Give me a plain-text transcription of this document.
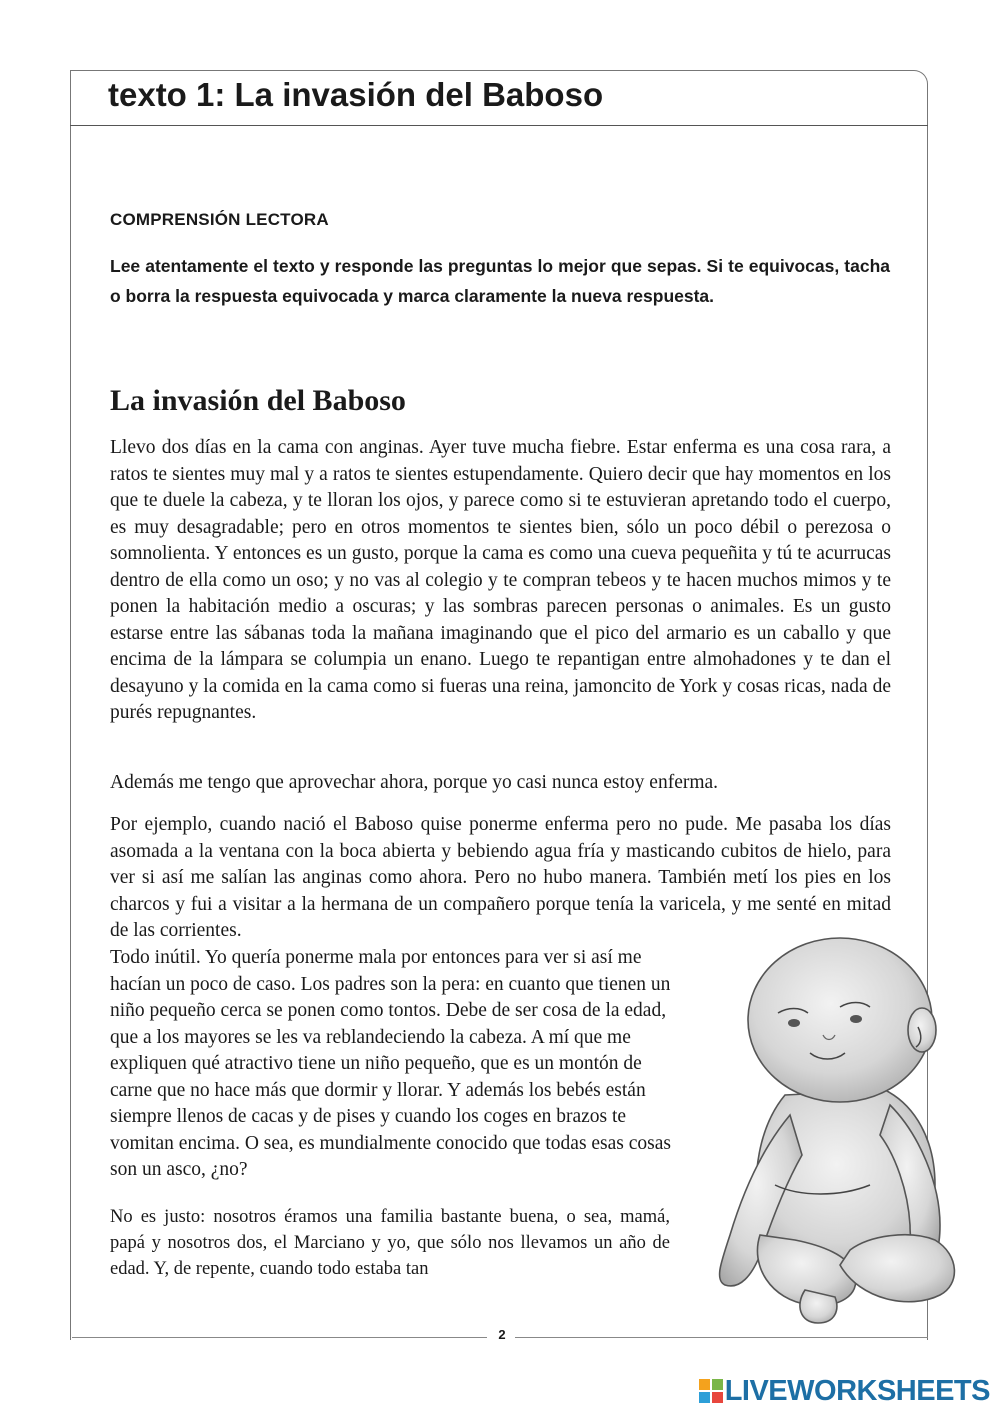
texto 1: La invasión del Baboso
COMPRENSIÓN LECTORA

Lee atentamente el texto y responde las preguntas lo mejor que sepas. Si te equivocas, tacha o borra la respuesta equivocada y marca claramente la nueva respuesta.

La invasión del Baboso

Llevo dos días en la cama con anginas. Ayer tuve mucha fiebre. Estar enferma es una cosa rara, a ratos te sientes muy mal y a ratos te sientes estupendamente. Quiero decir que hay momentos en los que te duele la cabeza, y te lloran los ojos, y parece como si te estuvieran apretando todo el cuerpo, es muy desagradable; pero en otros momentos te sientes bien, sólo un poco débil o perezosa o somnolienta. Y entonces es un gusto, porque la cama es como una cueva pequeñita y tú te acurrucas dentro de ella como un oso; y no vas al colegio y te compran tebeos y te hacen muchos mimos y te ponen la habitación medio a oscuras; y las sombras parecen personas o animales. Es un gusto estarse entre las sábanas toda la mañana imaginando que el pico del armario es un caballo y que encima de la lámpara se columpia un enano. Luego te repantigan entre almohadones y te dan el desayuno y la comida en la cama como si fueras una reina, jamoncito de York y cosas ricas, nada de purés repugnantes.

Además me tengo que aprovechar ahora, porque yo casi nunca estoy enferma.

Por ejemplo, cuando nació el Baboso quise ponerme enferma pero no pude. Me pasaba los días asomada a la ventana con la boca abierta y bebiendo agua fría y masticando cubitos de hielo, para ver si así me salían las anginas como ahora. Pero no hubo manera. También metí los pies en los charcos y fui a visitar a la hermana de un compañero porque tenía la varicela, y me senté en mitad de las corrientes.

Todo inútil. Yo quería ponerme mala por entonces para ver si así me
hacían un poco de caso. Los padres son la pera: en cuanto que tienen un
niño pequeño cerca se ponen como tontos. Debe de ser cosa de la edad,
que a los mayores se les va reblandeciendo la cabeza. A mí que me
expliquen qué atractivo tiene un niño pequeño, que es un montón de
carne que no hace más que dormir y llorar. Y además los bebés están
siempre llenos de cacas y de pises y cuando los coges en brazos te
vomitan encima. O sea, es mundialmente conocido que todas esas cosas
son un asco, ¿no?

No es justo: nosotros éramos una familia bastante buena, o sea, mamá, papá y nosotros dos, el Marciano y yo, que sólo nos llevamos un año de edad. Y, de repente, cuando todo estaba tan

2
LIVEWORKSHEETS
